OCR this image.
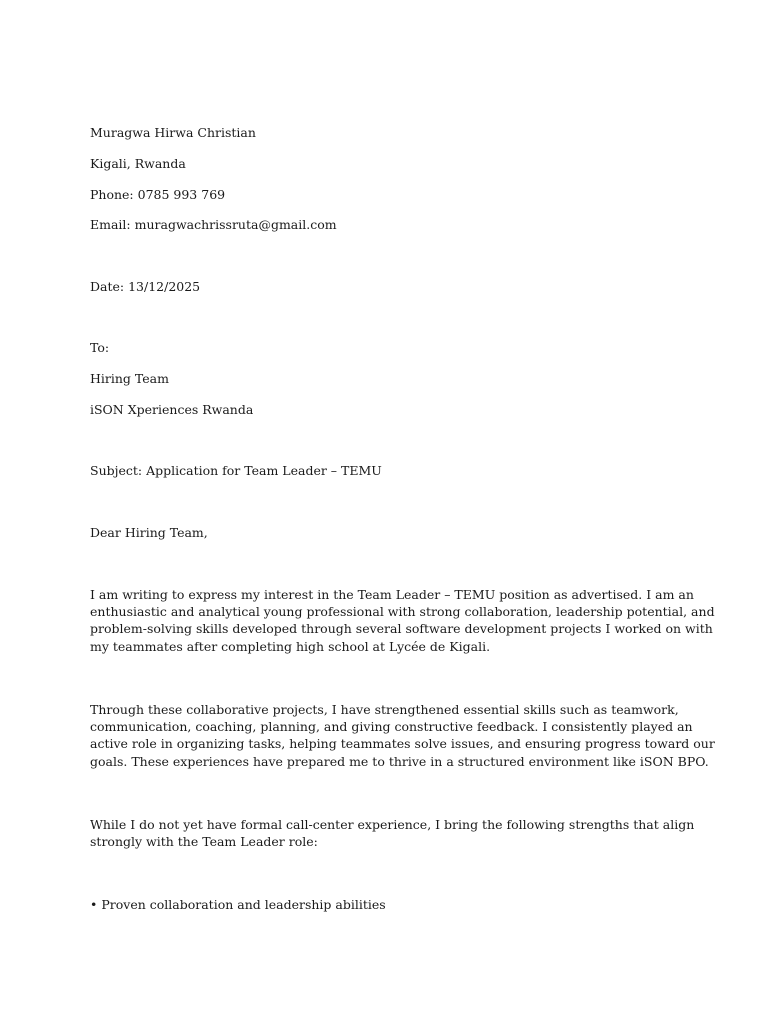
Muragwa Hirwa Christian
Kigali, Rwanda
Phone: 0785 993 769
Email: muragwachrissruta@gmail.com
Date: 13/12/2025
To:
Hiring Team
iSON Xperiences Rwanda
Subject: Application for Team Leader – TEMU
Dear Hiring Team,
I am writing to express my interest in the Team Leader – TEMU position as advertised. I am an
enthusiastic and analytical young professional with strong collaboration, leadership potential, and
problem-solving skills developed through several software development projects I worked on with
my teammates after completing high school at Lycée de Kigali.
Through these collaborative projects, I have strengthened essential skills such as teamwork,
communication, coaching, planning, and giving constructive feedback. I consistently played an
active role in organizing tasks, helping teammates solve issues, and ensuring progress toward our
goals. These experiences have prepared me to thrive in a structured environment like iSON BPO.
While I do not yet have formal call-center experience, I bring the following strengths that align
strongly with the Team Leader role:
• Proven collaboration and leadership abilities
